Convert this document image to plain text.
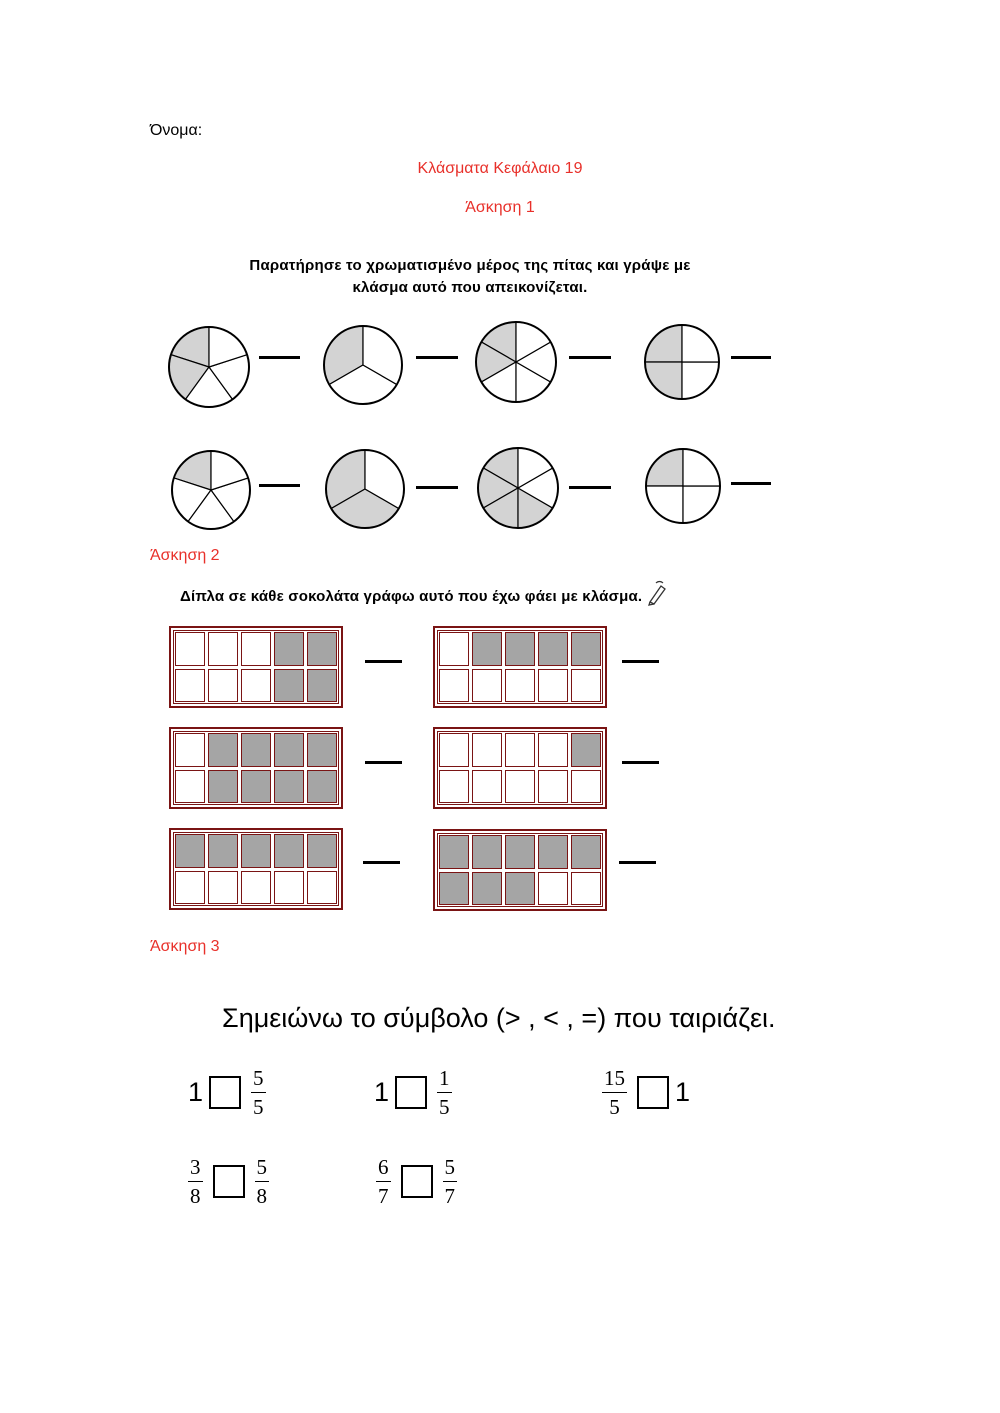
Όνομα:
Κλάσματα Κεφάλαιο 19
Άσκηση 1
Παρατήρησε το χρωματισμένο μέρος της πίτας και γράψε με
κλάσμα αυτό που απεικονίζεται.
Άσκηση 2
Δίπλα σε κάθε σοκολάτα γράφω αυτό που έχω φάει με κλάσμα.
Άσκηση 3
Σημειώνω το σύμβολο (> , < , =) που ταιριάζει.
$1 \frac{5}{5}$	$1 \frac{1}{5}$	$\frac{15}{5} 1$
$\frac{3}{8} \frac{5}{8}$	$\frac{6}{7} \frac{5}{7}$
